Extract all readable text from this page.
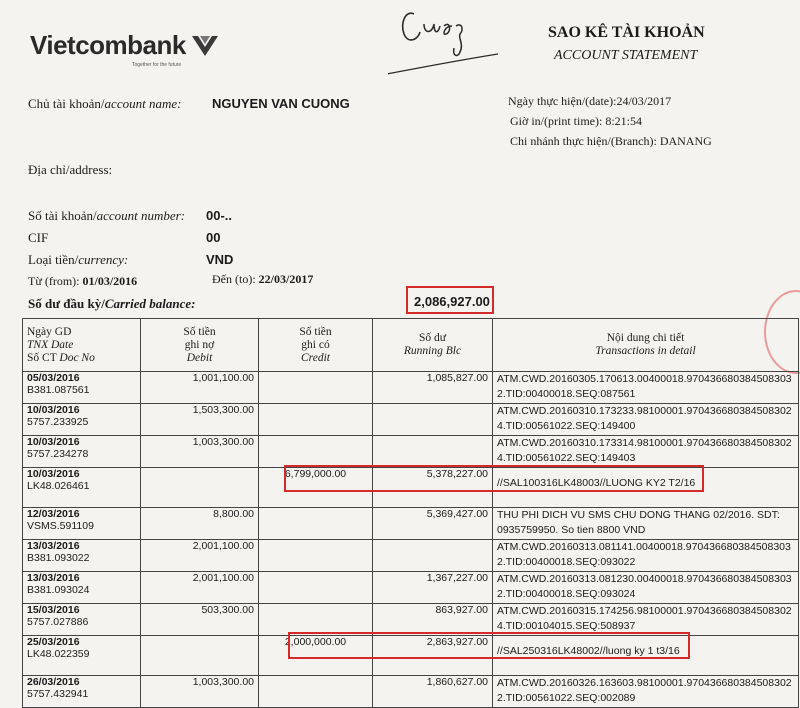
Vietcombank
Together for the future
SAO KÊ TÀI KHOẢN
ACCOUNT STATEMENT
Chủ tài khoản/account name: NGUYEN VAN CUONG	Ngày thực hiện/(date):24/03/2017
Giờ in/(print time): 8:21:54
Chi nhánh thực hiện/(Branch): DANANG
Địa chỉ/address:
Số tài khoản/account number: 00-..
CIF	00
Loại tiền/currency:	VND
Từ (from): 01/03/2016	Đến (to): 22/03/2017
Số dư đầu kỳ/Carried balance:	2,086,927.00
Ngày GD
TNX Date
Số CT Doc No	Số tiền
ghi nợ
Debit	Số tiền
ghi có
Credit	Số dư
Running Blc	Nội dung chi tiết
Transactions in detail
05/03/2016
B381.087561	1,001,100.00		1,085,827.00	ATM.CWD.20160305.170613.00400018.970436680384508303
2.TID:00400018.SEQ:087561
10/03/2016
5757.233925	1,503,300.00			ATM.CWD.20160310.173233.98100001.970436680384508302
4.TID:00561022.SEQ:149400
10/03/2016
5757.234278	1,003,300.00			ATM.CWD.20160310.173314.98100001.970436680384508302
4.TID:00561022.SEQ:149403
10/03/2016
LK48.026461		6,799,000.00	5,378,227.00	//SAL100316LK48003//LUONG KY2 T2/16
12/03/2016
VSMS.591109	8,800.00		5,369,427.00	THU PHI DICH VU SMS CHU DONG THANG 02/2016. SDT:
0935759950. So tien 8800 VND
13/03/2016
B381.093022	2,001,100.00			ATM.CWD.20160313.081141.00400018.970436680384508303
2.TID:00400018.SEQ:093022
13/03/2016
B381.093024	2,001,100.00		1,367,227.00	ATM.CWD.20160313.081230.00400018.970436680384508303
2.TID:00400018.SEQ:093024
15/03/2016
5757.027886	503,300.00		863,927.00	ATM.CWD.20160315.174256.98100001.970436680384508302
4.TID:00104015.SEQ:508937
25/03/2016
LK48.022359		2,000,000.00	2,863,927.00	//SAL250316LK48002//luong ky 1 t3/16
26/03/2016
5757.432941	1,003,300.00		1,860,627.00	ATM.CWD.20160326.163603.98100001.970436680384508302
2.TID:00561022.SEQ:002089
